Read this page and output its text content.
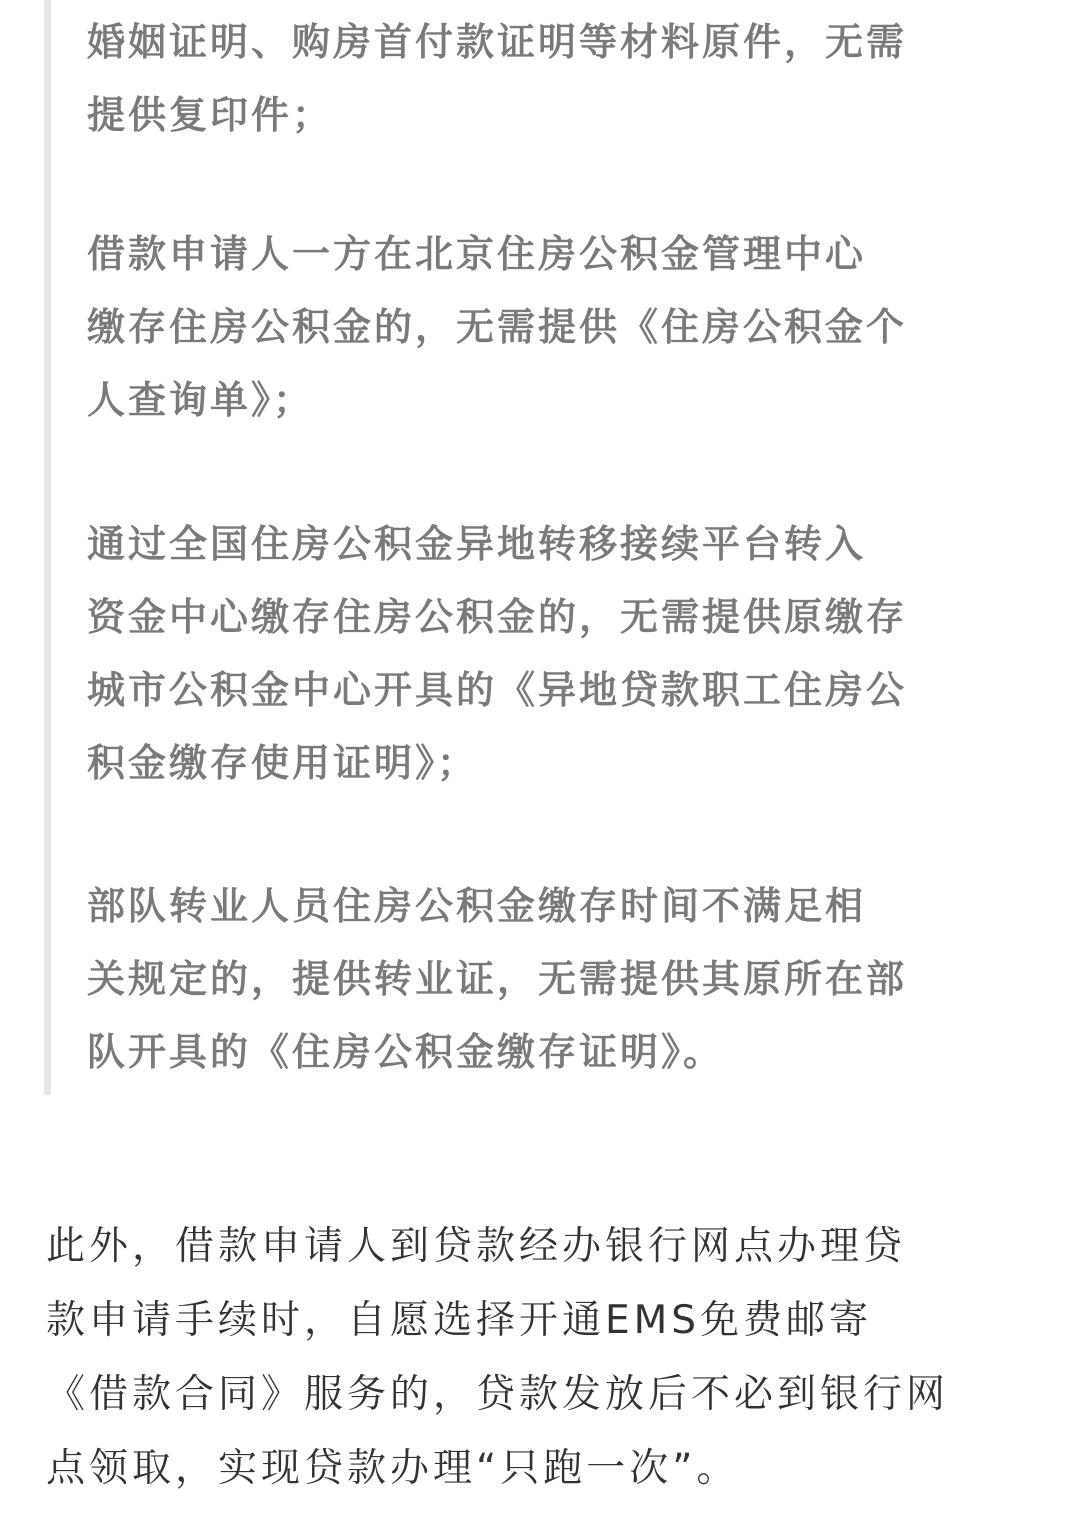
婚姻证明、购房首付款证明等材料原件，无需
提供复印件；

借款申请人一方在北京住房公积金管理中心
缴存住房公积金的，无需提供《住房公积金个
人查询单》；

通过全国住房公积金异地转移接续平台转入
资金中心缴存住房公积金的，无需提供原缴存
城市公积金中心开具的《异地贷款职工住房公
积金缴存使用证明》；

部队转业人员住房公积金缴存时间不满足相
关规定的，提供转业证，无需提供其原所在部
队开具的《住房公积金缴存证明》。

此外，借款申请人到贷款经办银行网点办理贷
款申请手续时，自愿选择开通EMS免费邮寄
《借款合同》服务的，贷款发放后不必到银行网
点领取，实现贷款办理“只跑一次”。
